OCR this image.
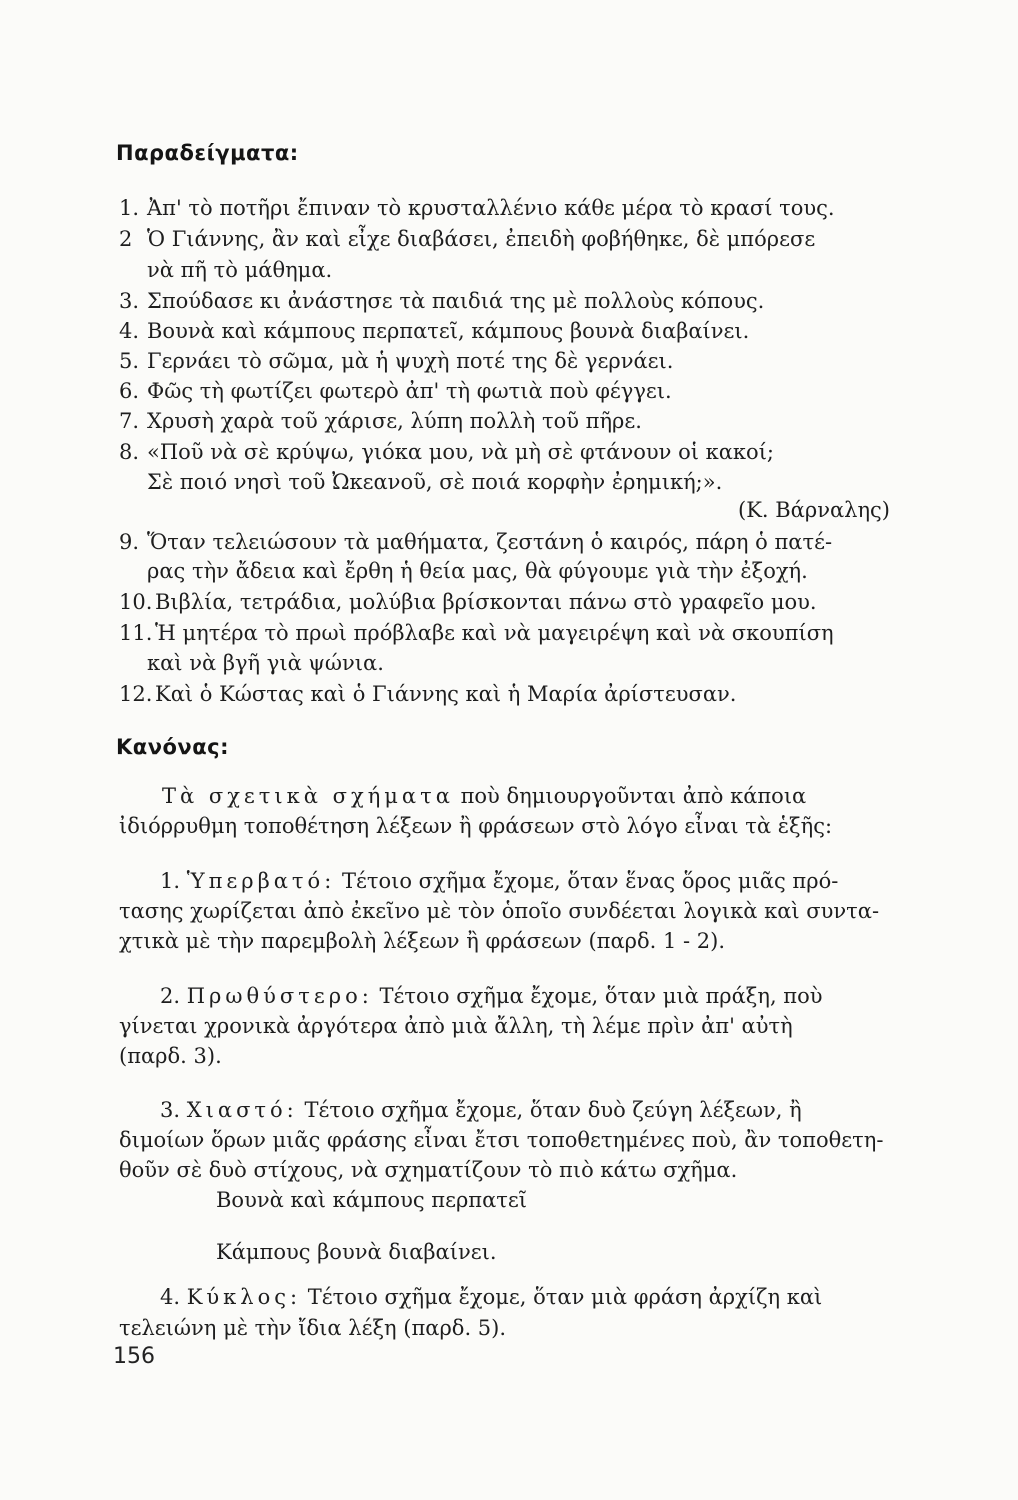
Παραδείγματα:
1. Ἀπ' τὸ ποτῆρι ἔπιναν τὸ κρυσταλλένιο κάθε μέρα τὸ κρασί τους.
2 Ὁ Γιάννης, ἂν καὶ εἶχε διαβάσει, ἐπειδὴ φοβήθηκε, δὲ μπόρεσε
νὰ πῆ τὸ μάθημα.
3. Σπούδασε κι ἀνάστησε τὰ παιδιά της μὲ πολλοὺς κόπους.
4. Βουνὰ καὶ κάμπους περπατεῖ, κάμπους βουνὰ διαβαίνει.
5. Γερνάει τὸ σῶμα, μὰ ἡ ψυχὴ ποτέ της δὲ γερνάει.
6. Φῶς τὴ φωτίζει φωτερὸ ἀπ' τὴ φωτιὰ ποὺ φέγγει.
7. Χρυσὴ χαρὰ τοῦ χάρισε, λύπη πολλὴ τοῦ πῆρε.
8. «Ποῦ νὰ σὲ κρύψω, γιόκα μου, νὰ μὴ σὲ φτάνουν οἱ κακοί;
Σὲ ποιό νησὶ τοῦ Ὠκεανοῦ, σὲ ποιά κορφὴν ἐρημική;».
(Κ. Βάρναλης)
9. Ὅταν τελειώσουν τὰ μαθήματα, ζεστάνη ὁ καιρός, πάρη ὁ πατέ-
ρας τὴν ἄδεια καὶ ἔρθη ἡ θεία μας, θὰ φύγουμε γιὰ τὴν ἐξοχή.
10. Βιβλία, τετράδια, μολύβια βρίσκονται πάνω στὸ γραφεῖο μου.
11. Ἡ μητέρα τὸ πρωὶ πρόβλαβε καὶ νὰ μαγειρέψη καὶ νὰ σκουπίση
καὶ νὰ βγῆ γιὰ ψώνια.
12. Καὶ ὁ Κώστας καὶ ὁ Γιάννης καὶ ἡ Μαρία ἀρίστευσαν.
Κανόνας:
Τὰ σχετικὰ σχήματα ποὺ δημιουργοῦνται ἀπὸ κάποια
ἰδιόρρυθμη τοποθέτηση λέξεων ἢ φράσεων στὸ λόγο εἶναι τὰ ἑξῆς:
1. Ὑπερβατό: Τέτοιο σχῆμα ἔχομε, ὅταν ἕνας ὅρος μιᾶς πρό-
τασης χωρίζεται ἀπὸ ἐκεῖνο μὲ τὸν ὁποῖο συνδέεται λογικὰ καὶ συντα-
χτικὰ μὲ τὴν παρεμβολὴ λέξεων ἢ φράσεων (παρδ. 1 - 2).
2. Πρωθύστερο: Τέτοιο σχῆμα ἔχομε, ὅταν μιὰ πράξη, ποὺ
γίνεται χρονικὰ ἀργότερα ἀπὸ μιὰ ἄλλη, τὴ λέμε πρὶν ἀπ' αὐτὴ
(παρδ. 3).
3. Χιαστό: Τέτοιο σχῆμα ἔχομε, ὅταν δυὸ ζεύγη λέξεων, ἢ
διμοίων ὅρων μιᾶς φράσης εἶναι ἔτσι τοποθετημένες ποὺ, ἂν τοποθετη-
θοῦν σὲ δυὸ στίχους, νὰ σχηματίζουν τὸ πιὸ κάτω σχῆμα.
Βουνὰ καὶ κάμπους περπατεῖ
Κάμπους βουνὰ διαβαίνει.
4. Κύκλος: Τέτοιο σχῆμα ἔχομε, ὅταν μιὰ φράση ἀρχίζη καὶ
τελειώνη μὲ τὴν ἴδια λέξη (παρδ. 5).
156
